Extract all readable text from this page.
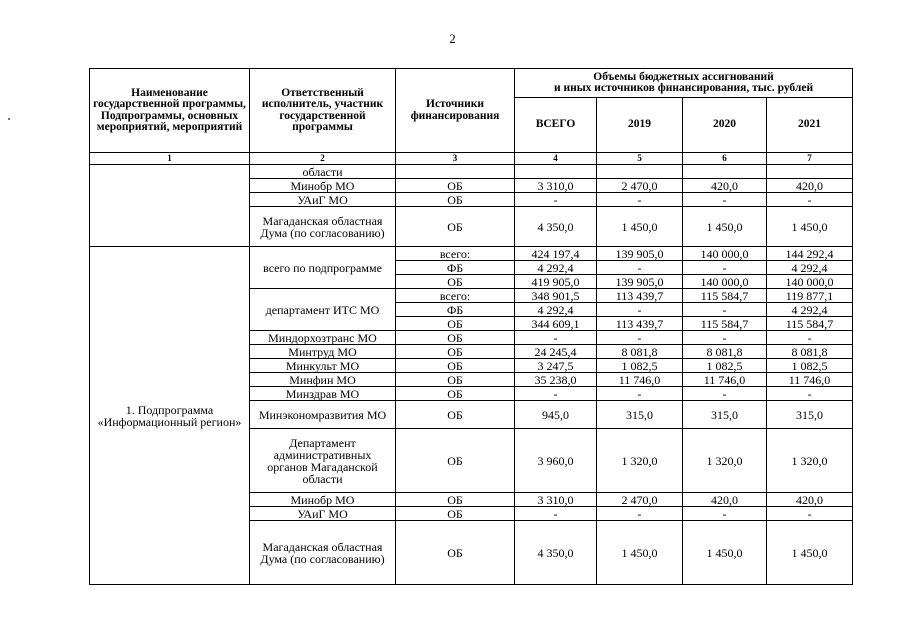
2
Наименование государственной программы, Подпрограммы, основных мероприятий, мероприятий	Ответственный исполнитель, участник государственной программы	Источники финансирования	Объемы бюджетных ассигнований
и иных источников финансирования, тыс. рублей			
			ВСЕГО	2019	2020	2021
1	2	3	4	5	6	7
	области					
	Минобр МО	ОБ	3 310,0	2 470,0	420,0	420,0
	УАиГ МО	ОБ	-	-	-	-
	Магаданская областная Дума (по согласованию)	ОБ	4 350,0	1 450,0	1 450,0	1 450,0
1. Подпрограмма «Информационный регион»	всего по подпрограмме	всего:	424 197,4	139 905,0	140 000,0	144 292,4
		ФБ	4 292,4	-	-	4 292,4
		ОБ	419 905,0	139 905,0	140 000,0	140 000,0
	департамент ИТС МО	всего:	348 901,5	113 439,7	115 584,7	119 877,1
		ФБ	4 292,4	-	-	4 292,4
		ОБ	344 609,1	113 439,7	115 584,7	115 584,7
	Миндорхозтранс МО	ОБ	-	-	-	-
	Минтруд МО	ОБ	24 245,4	8 081,8	8 081,8	8 081,8
	Минкульт МО	ОБ	3 247,5	1 082,5	1 082,5	1 082,5
	Минфин МО	ОБ	35 238,0	11 746,0	11 746,0	11 746,0
	Минздрав МО	ОБ	-	-	-	-
	Минэкономразвития МО	ОБ	945,0	315,0	315,0	315,0
	Департамент административных органов Магаданской области	ОБ	3 960,0	1 320,0	1 320,0	1 320,0
	Минобр МО	ОБ	3 310,0	2 470,0	420,0	420,0
	УАиГ МО	ОБ	-	-	-	-
	Магаданская областная Дума (по согласованию)	ОБ	4 350,0	1 450,0	1 450,0	1 450,0
